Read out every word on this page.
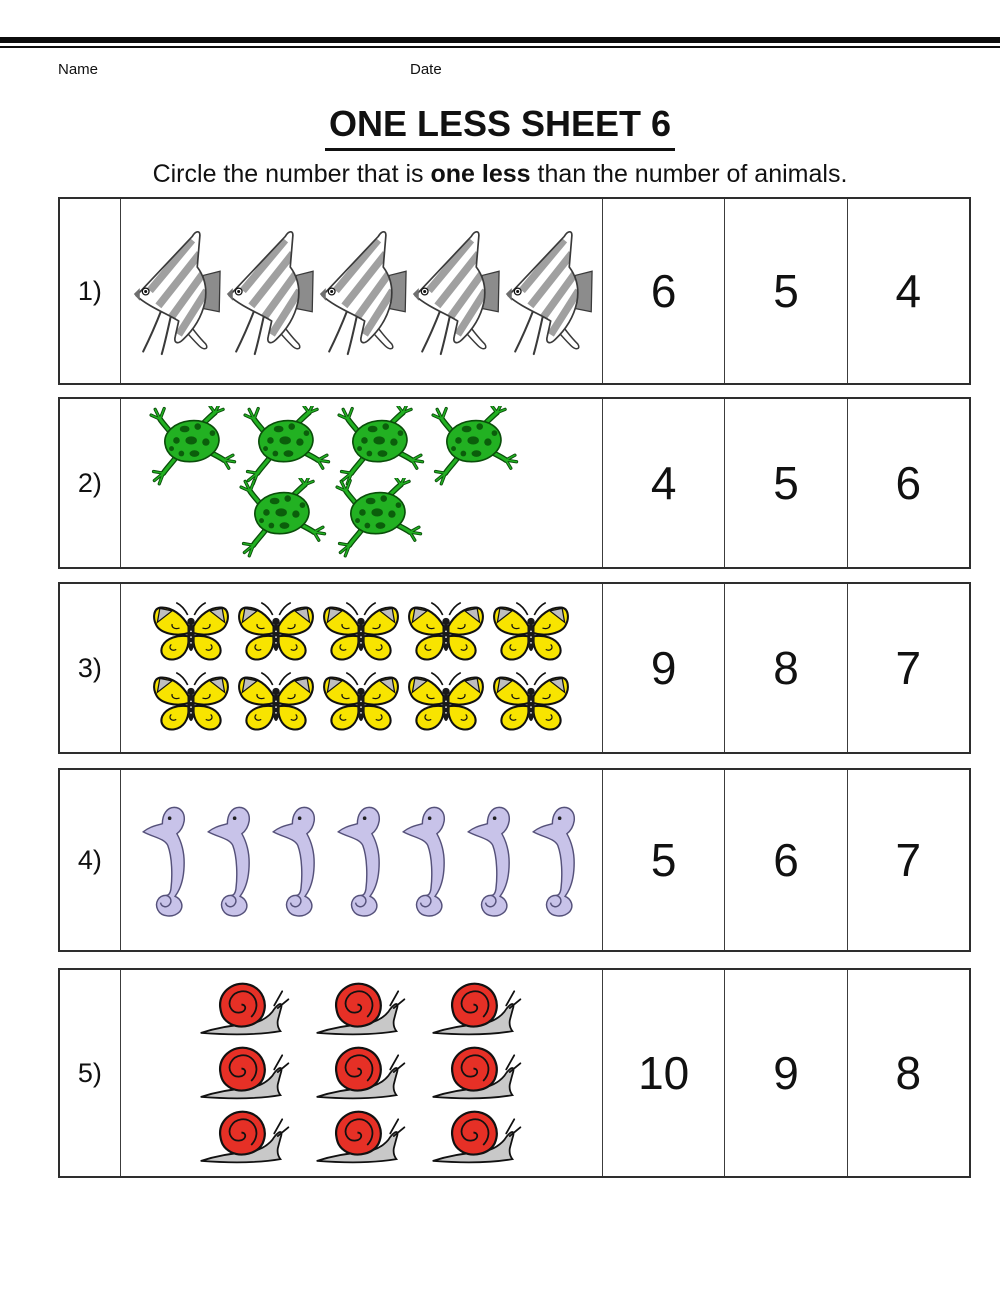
Name	Date
ONE LESS SHEET 6

Circle the number that is one less than the number of animals.

1)	6	5	4
2)	4	5	6
3)	9	8	7
4)	5	6	7
5)	10	9	8
